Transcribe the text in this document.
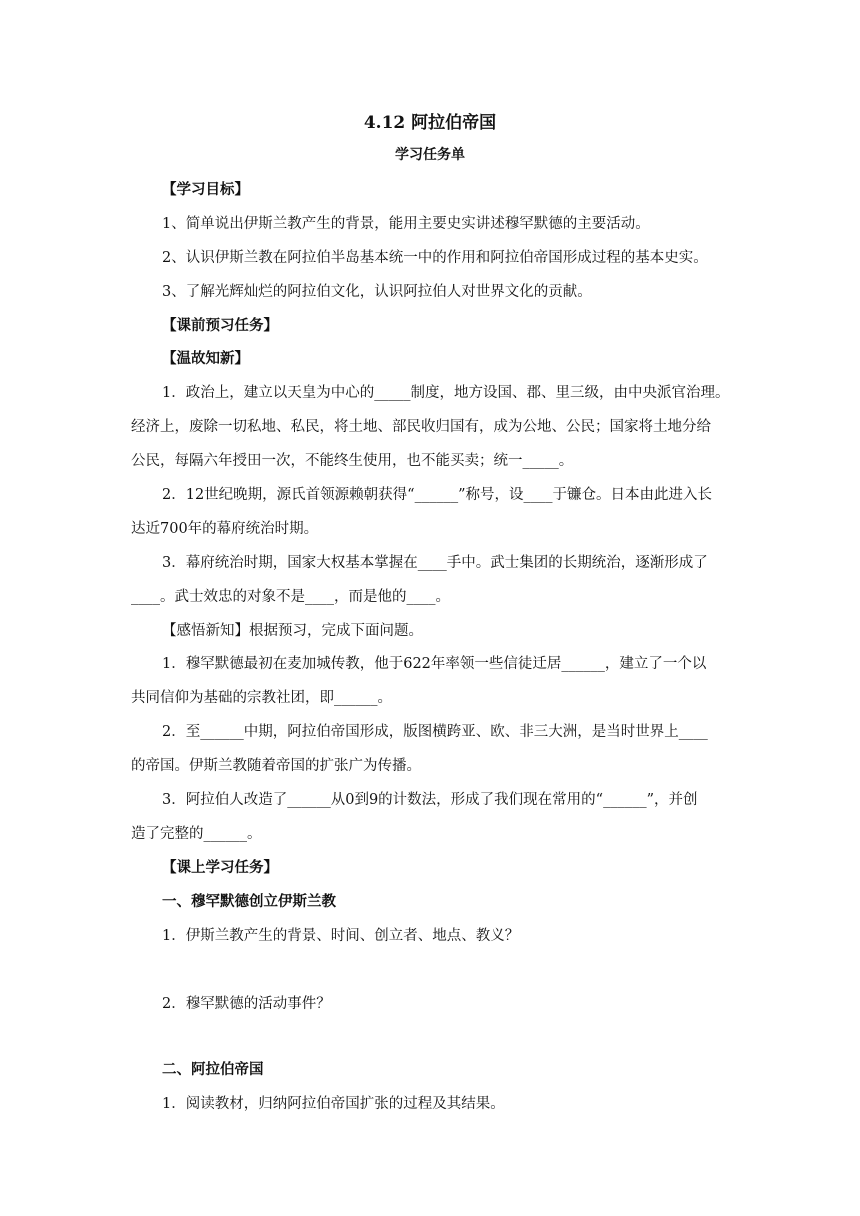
4.12 阿拉伯帝国
学习任务单
【学习目标】
1、简单说出伊斯兰教产生的背景，能用主要史实讲述穆罕默德的主要活动。
2、认识伊斯兰教在阿拉伯半岛基本统一中的作用和阿拉伯帝国形成过程的基本史实。
3、了解光辉灿烂的阿拉伯文化，认识阿拉伯人对世界文化的贡献。
【课前预习任务】
【温故知新】
1．政治上，建立以天皇为中心的_____制度，地方设国、郡、里三级，由中央派官治理。
经济上，废除一切私地、私民，将土地、部民收归国有，成为公地、公民；国家将土地分给
公民，每隔六年授田一次，不能终生使用，也不能买卖；统一_____。
2．12世纪晚期，源氏首领源赖朝获得“______”称号，设____于镰仓。日本由此进入长
达近700年的幕府统治时期。
3．幕府统治时期，国家大权基本掌握在____手中。武士集团的长期统治，逐渐形成了
____。武士效忠的对象不是____，而是他的____。
【感悟新知】根据预习，完成下面问题。
1．穆罕默德最初在麦加城传教，他于622年率领一些信徒迁居______，建立了一个以
共同信仰为基础的宗教社团，即______。
2．至______中期，阿拉伯帝国形成，版图横跨亚、欧、非三大洲，是当时世界上____
的帝国。伊斯兰教随着帝国的扩张广为传播。
3．阿拉伯人改造了______从0到9的计数法，形成了我们现在常用的“______”，并创
造了完整的______。
【课上学习任务】
一、穆罕默德创立伊斯兰教
1．伊斯兰教产生的背景、时间、创立者、地点、教义？
2．穆罕默德的活动事件？
二、阿拉伯帝国
1．阅读教材，归纳阿拉伯帝国扩张的过程及其结果。
